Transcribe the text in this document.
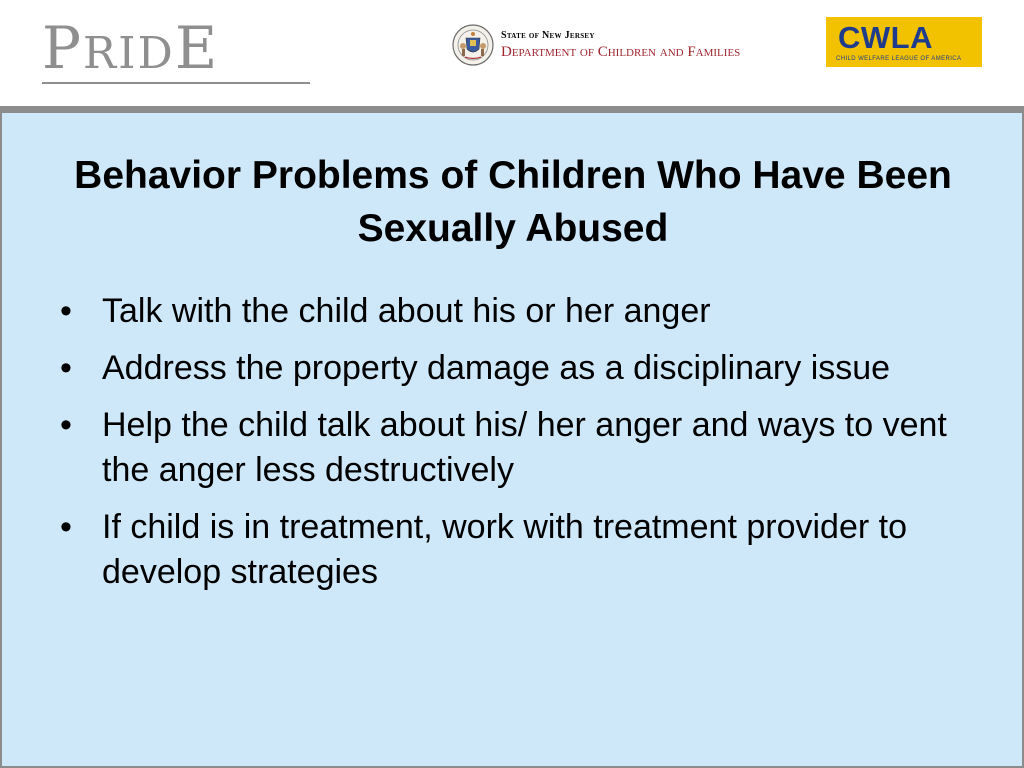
PRIDE	State of New Jersey
Department of Children and Families	CWLA
CHILD WELFARE LEAGUE OF AMERICA
Behavior Problems of Children Who Have Been Sexually Abused
• Talk with the child about his or her anger
• Address the property damage as a disciplinary issue
• Help the child talk about his/ her anger and ways to vent the anger less destructively
• If child is in treatment, work with treatment provider to develop strategies
